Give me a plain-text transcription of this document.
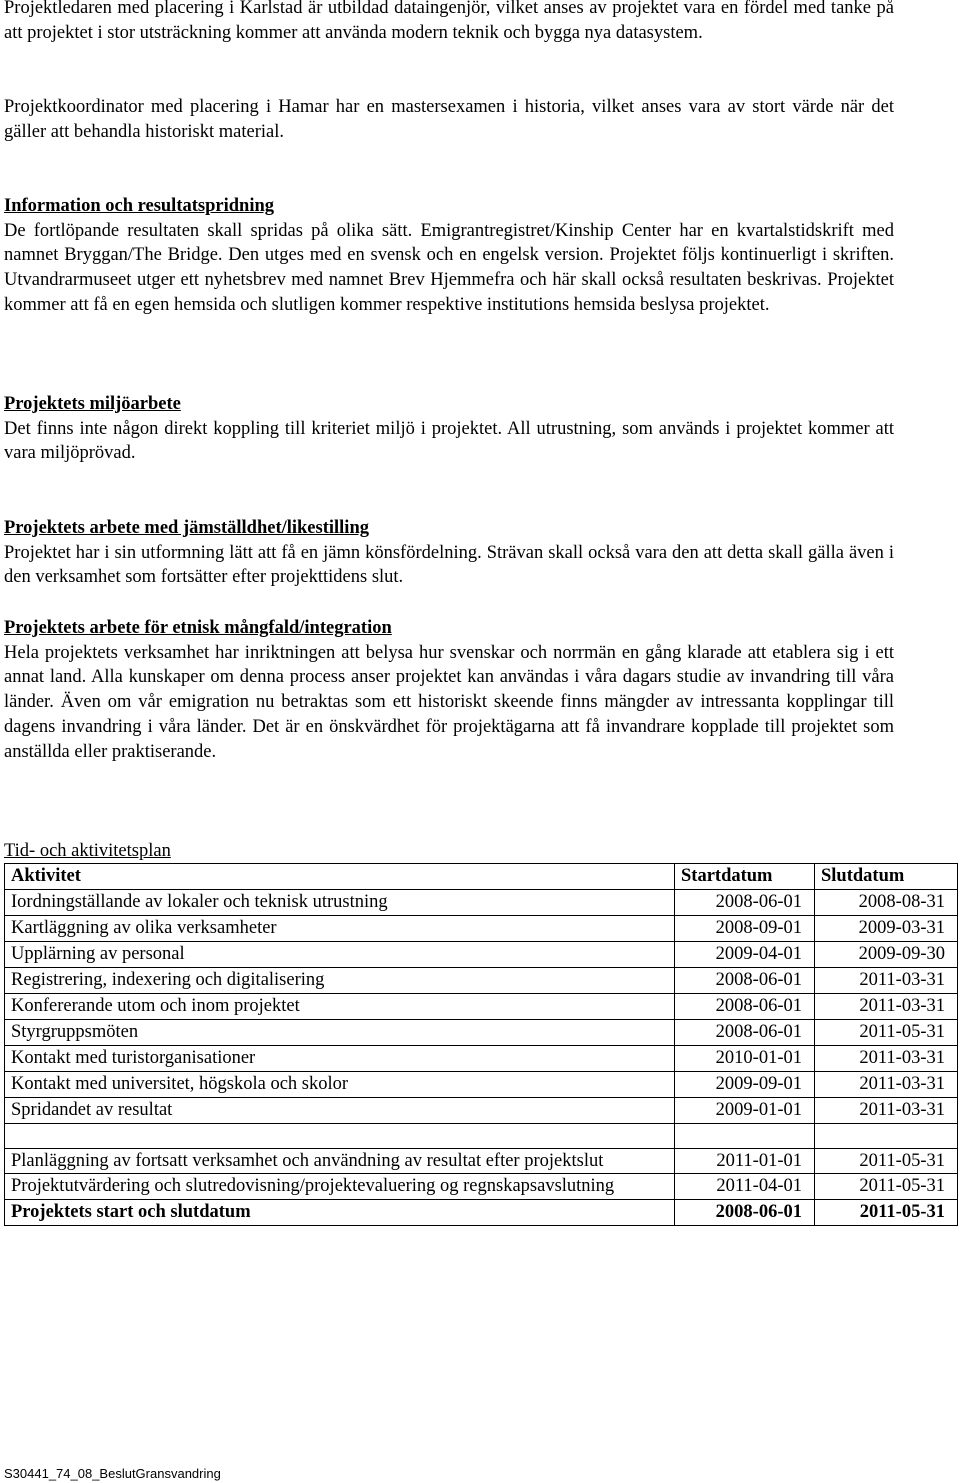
Projektledaren med placering i Karlstad är utbildad dataingenjör, vilket anses av projektet vara en fördel med tanke på att projektet i stor utsträckning kommer att använda modern teknik och bygga nya datasystem.

Projektkoordinator med placering i Hamar har en mastersexamen i historia, vilket anses vara av stort värde när det gäller att behandla historiskt material.

Information och resultatspridning

De fortlöpande resultaten skall spridas på olika sätt. Emigrantregistret/Kinship Center har en kvartalstidskrift med namnet Bryggan/The Bridge. Den utges med en svensk och en engelsk version. Projektet följs kontinuerligt i skriften. Utvandrarmuseet utger ett nyhetsbrev med namnet Brev Hjemmefra och här skall också resultaten beskrivas. Projektet kommer att få en egen hemsida och slutligen kommer respektive institutions hemsida beslysa projektet.

Projektets miljöarbete

Det finns inte någon direkt koppling till kriteriet miljö i projektet. All utrustning, som används i projektet kommer att vara miljöprövad.

Projektets arbete med jämställdhet/likestilling

Projektet har i sin utformning lätt att få en jämn könsfördelning. Strävan skall också vara den att detta skall gälla även i den verksamhet som fortsätter efter projekttidens slut.

Projektets arbete för etnisk mångfald/integration

Hela projektets verksamhet har inriktningen att belysa hur svenskar och norrmän en gång klarade att etablera sig i ett annat land. Alla kunskaper om denna process anser projektet kan användas i våra dagars studie av invandring till våra länder. Även om vår emigration nu betraktas som ett historiskt skeende finns mängder av intressanta kopplingar till dagens invandring i våra länder. Det är en önskvärdhet för projektägarna att få invandrare kopplade till projektet som anställda eller praktiserande.

Tid- och aktivitetsplan
Aktivitet	Startdatum	Slutdatum
Iordningställande av lokaler och teknisk utrustning	2008-06-01	2008-08-31
Kartläggning av olika verksamheter	2008-09-01	2009-03-31
Upplärning av personal	2009-04-01	2009-09-30
Registrering, indexering och digitalisering	2008-06-01	2011-03-31
Konfererande utom och inom projektet	2008-06-01	2011-03-31
Styrgruppsmöten	2008-06-01	2011-05-31
Kontakt med turistorganisationer	2010-01-01	2011-03-31
Kontakt med universitet, högskola och skolor	2009-09-01	2011-03-31
Spridandet av resultat	2009-01-01	2011-03-31

Planläggning av fortsatt verksamhet och användning av resultat efter projektslut	2011-01-01	2011-05-31
Projektutvärdering och slutredovisning/projektevaluering og regnskapsavslutning	2011-04-01	2011-05-31
Projektets start och slutdatum	2008-06-01	2011-05-31
S30441_74_08_BeslutGransvandring
